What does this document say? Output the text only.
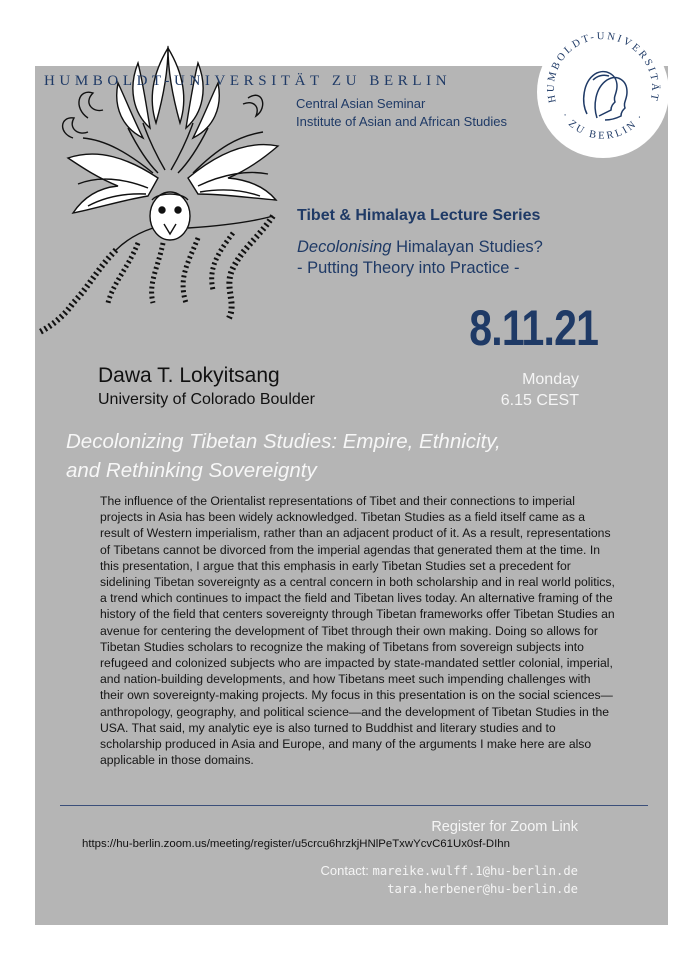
HUMBOLDT-UNIVERSITÄT
· ZU BERLIN ·
HUMBOLDT-UNIVERSITÄT ZU BERLIN
Central Asian Seminar
Institute of Asian and African Studies
Tibet & Himalaya Lecture Series
Decolonising Himalayan Studies?
- Putting Theory into Practice -
8.11.21
Monday
6.15 CEST
Dawa T. Lokyitsang
University of Colorado Boulder
Decolonizing Tibetan Studies: Empire, Ethnicity,
and Rethinking Sovereignty
The influence of the Orientalist representations of Tibet and their connections to imperial projects in Asia has been widely acknowledged. Tibetan Studies as a field itself came as a result of Western imperialism, rather than an adjacent product of it. As a result, representations of Tibetans cannot be divorced from the imperial agendas that generated them at the time. In this presentation, I argue that this emphasis in early Tibetan Studies set a precedent for sidelining Tibetan sovereignty as a central concern in both scholarship and in real world politics, a trend which continues to impact the field and Tibetan lives today. An alternative framing of the history of the field that centers sovereignty through Tibetan frameworks offer Tibetan Studies an avenue for centering the development of Tibet through their own making. Doing so allows for Tibetan Studies scholars to recognize the making of Tibetans from sovereign subjects into refugeed and colonized subjects who are impacted by state-mandated settler colonial, imperial, and nation-building developments, and how Tibetans meet such impending challenges with their own sovereignty-making projects. My focus in this presentation is on the social sciences—anthropology, geography, and political science—and the development of Tibetan Studies in the USA. That said, my analytic eye is also turned to Buddhist and literary studies and to scholarship produced in Asia and Europe, and many of the arguments I make here are also applicable in those domains.
Register for Zoom Link
https://hu-berlin.zoom.us/meeting/register/u5crcu6hrzkjHNlPeTxwYcvC61Ux0sf-DIhn
Contact: mareike.wulff.1@hu-berlin.de
tara.herbener@hu-berlin.de
